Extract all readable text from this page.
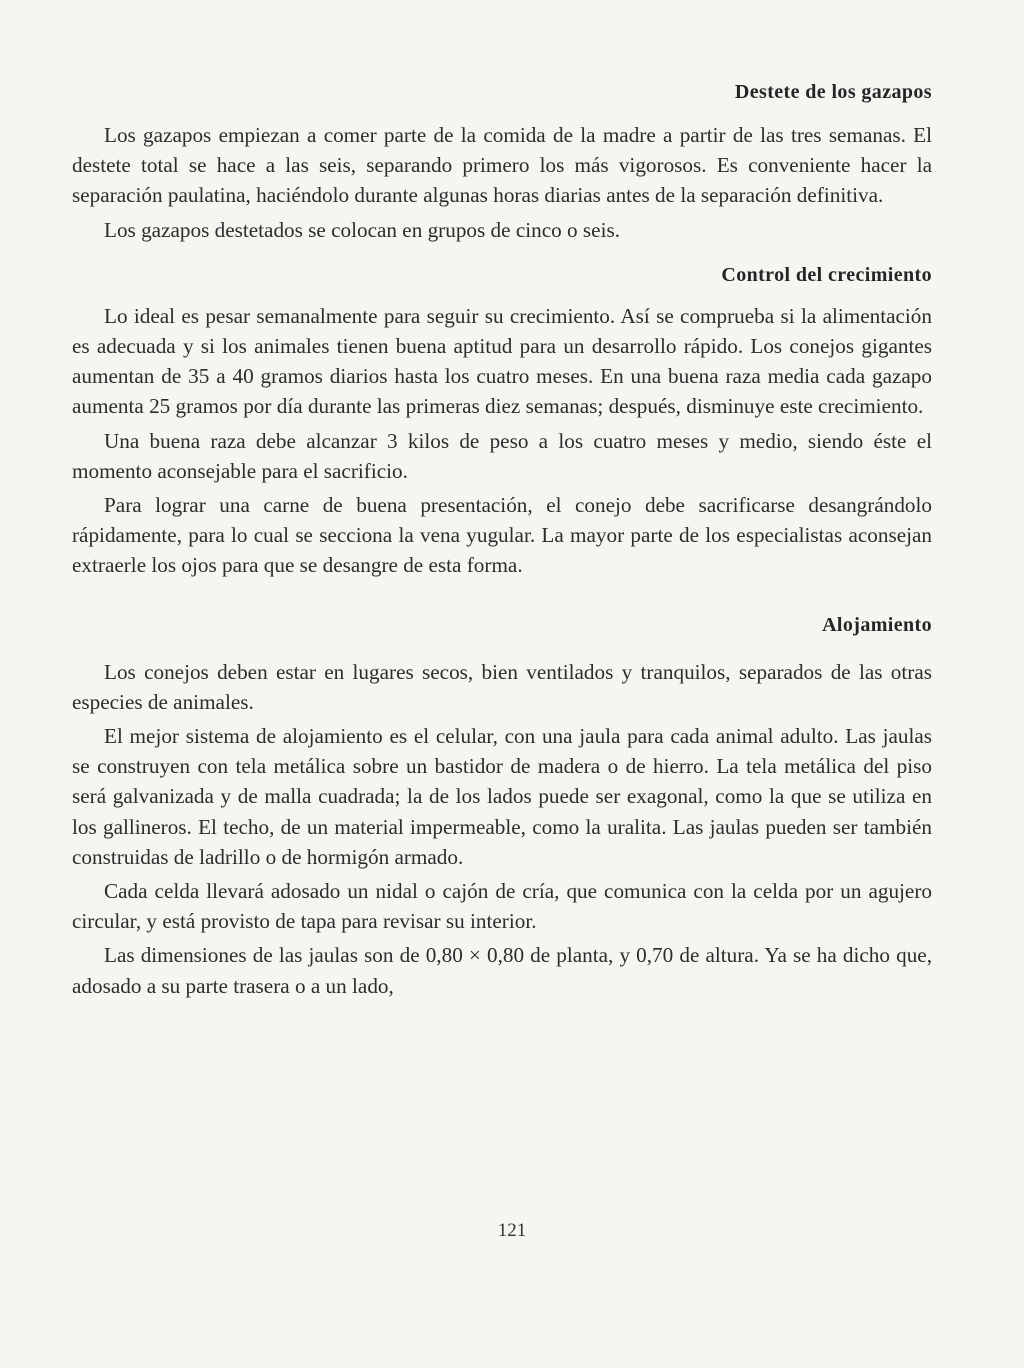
Destete de los gazapos

Los gazapos empiezan a comer parte de la comida de la madre a partir de las tres semanas. El destete total se hace a las seis, separando primero los más vigorosos. Es conveniente hacer la separación paulatina, haciéndolo durante algunas horas diarias antes de la separación definitiva.

Los gazapos destetados se colocan en grupos de cinco o seis.

Control del crecimiento

Lo ideal es pesar semanalmente para seguir su crecimiento. Así se comprueba si la alimentación es adecuada y si los animales tienen buena aptitud para un desarrollo rápido. Los conejos gigantes aumentan de 35 a 40 gramos diarios hasta los cuatro meses. En una buena raza media cada gazapo aumenta 25 gramos por día durante las primeras diez semanas; después, disminuye este crecimiento.

Una buena raza debe alcanzar 3 kilos de peso a los cuatro meses y medio, siendo éste el momento aconsejable para el sacrificio.

Para lograr una carne de buena presentación, el conejo debe sacrificarse desangrándolo rápidamente, para lo cual se secciona la vena yugular. La mayor parte de los especialistas aconsejan extraerle los ojos para que se desangre de esta forma.

Alojamiento

Los conejos deben estar en lugares secos, bien ventilados y tranquilos, separados de las otras especies de animales.

El mejor sistema de alojamiento es el celular, con una jaula para cada animal adulto. Las jaulas se construyen con tela metálica sobre un bastidor de madera o de hierro. La tela metálica del piso será galvanizada y de malla cuadrada; la de los lados puede ser exagonal, como la que se utiliza en los gallineros. El techo, de un material impermeable, como la uralita. Las jaulas pueden ser también construidas de ladrillo o de hormigón armado.

Cada celda llevará adosado un nidal o cajón de cría, que comunica con la celda por un agujero circular, y está provisto de tapa para revisar su interior.

Las dimensiones de las jaulas son de 0,80 × 0,80 de planta, y 0,70 de altura. Ya se ha dicho que, adosado a su parte trasera o a un lado,

121
